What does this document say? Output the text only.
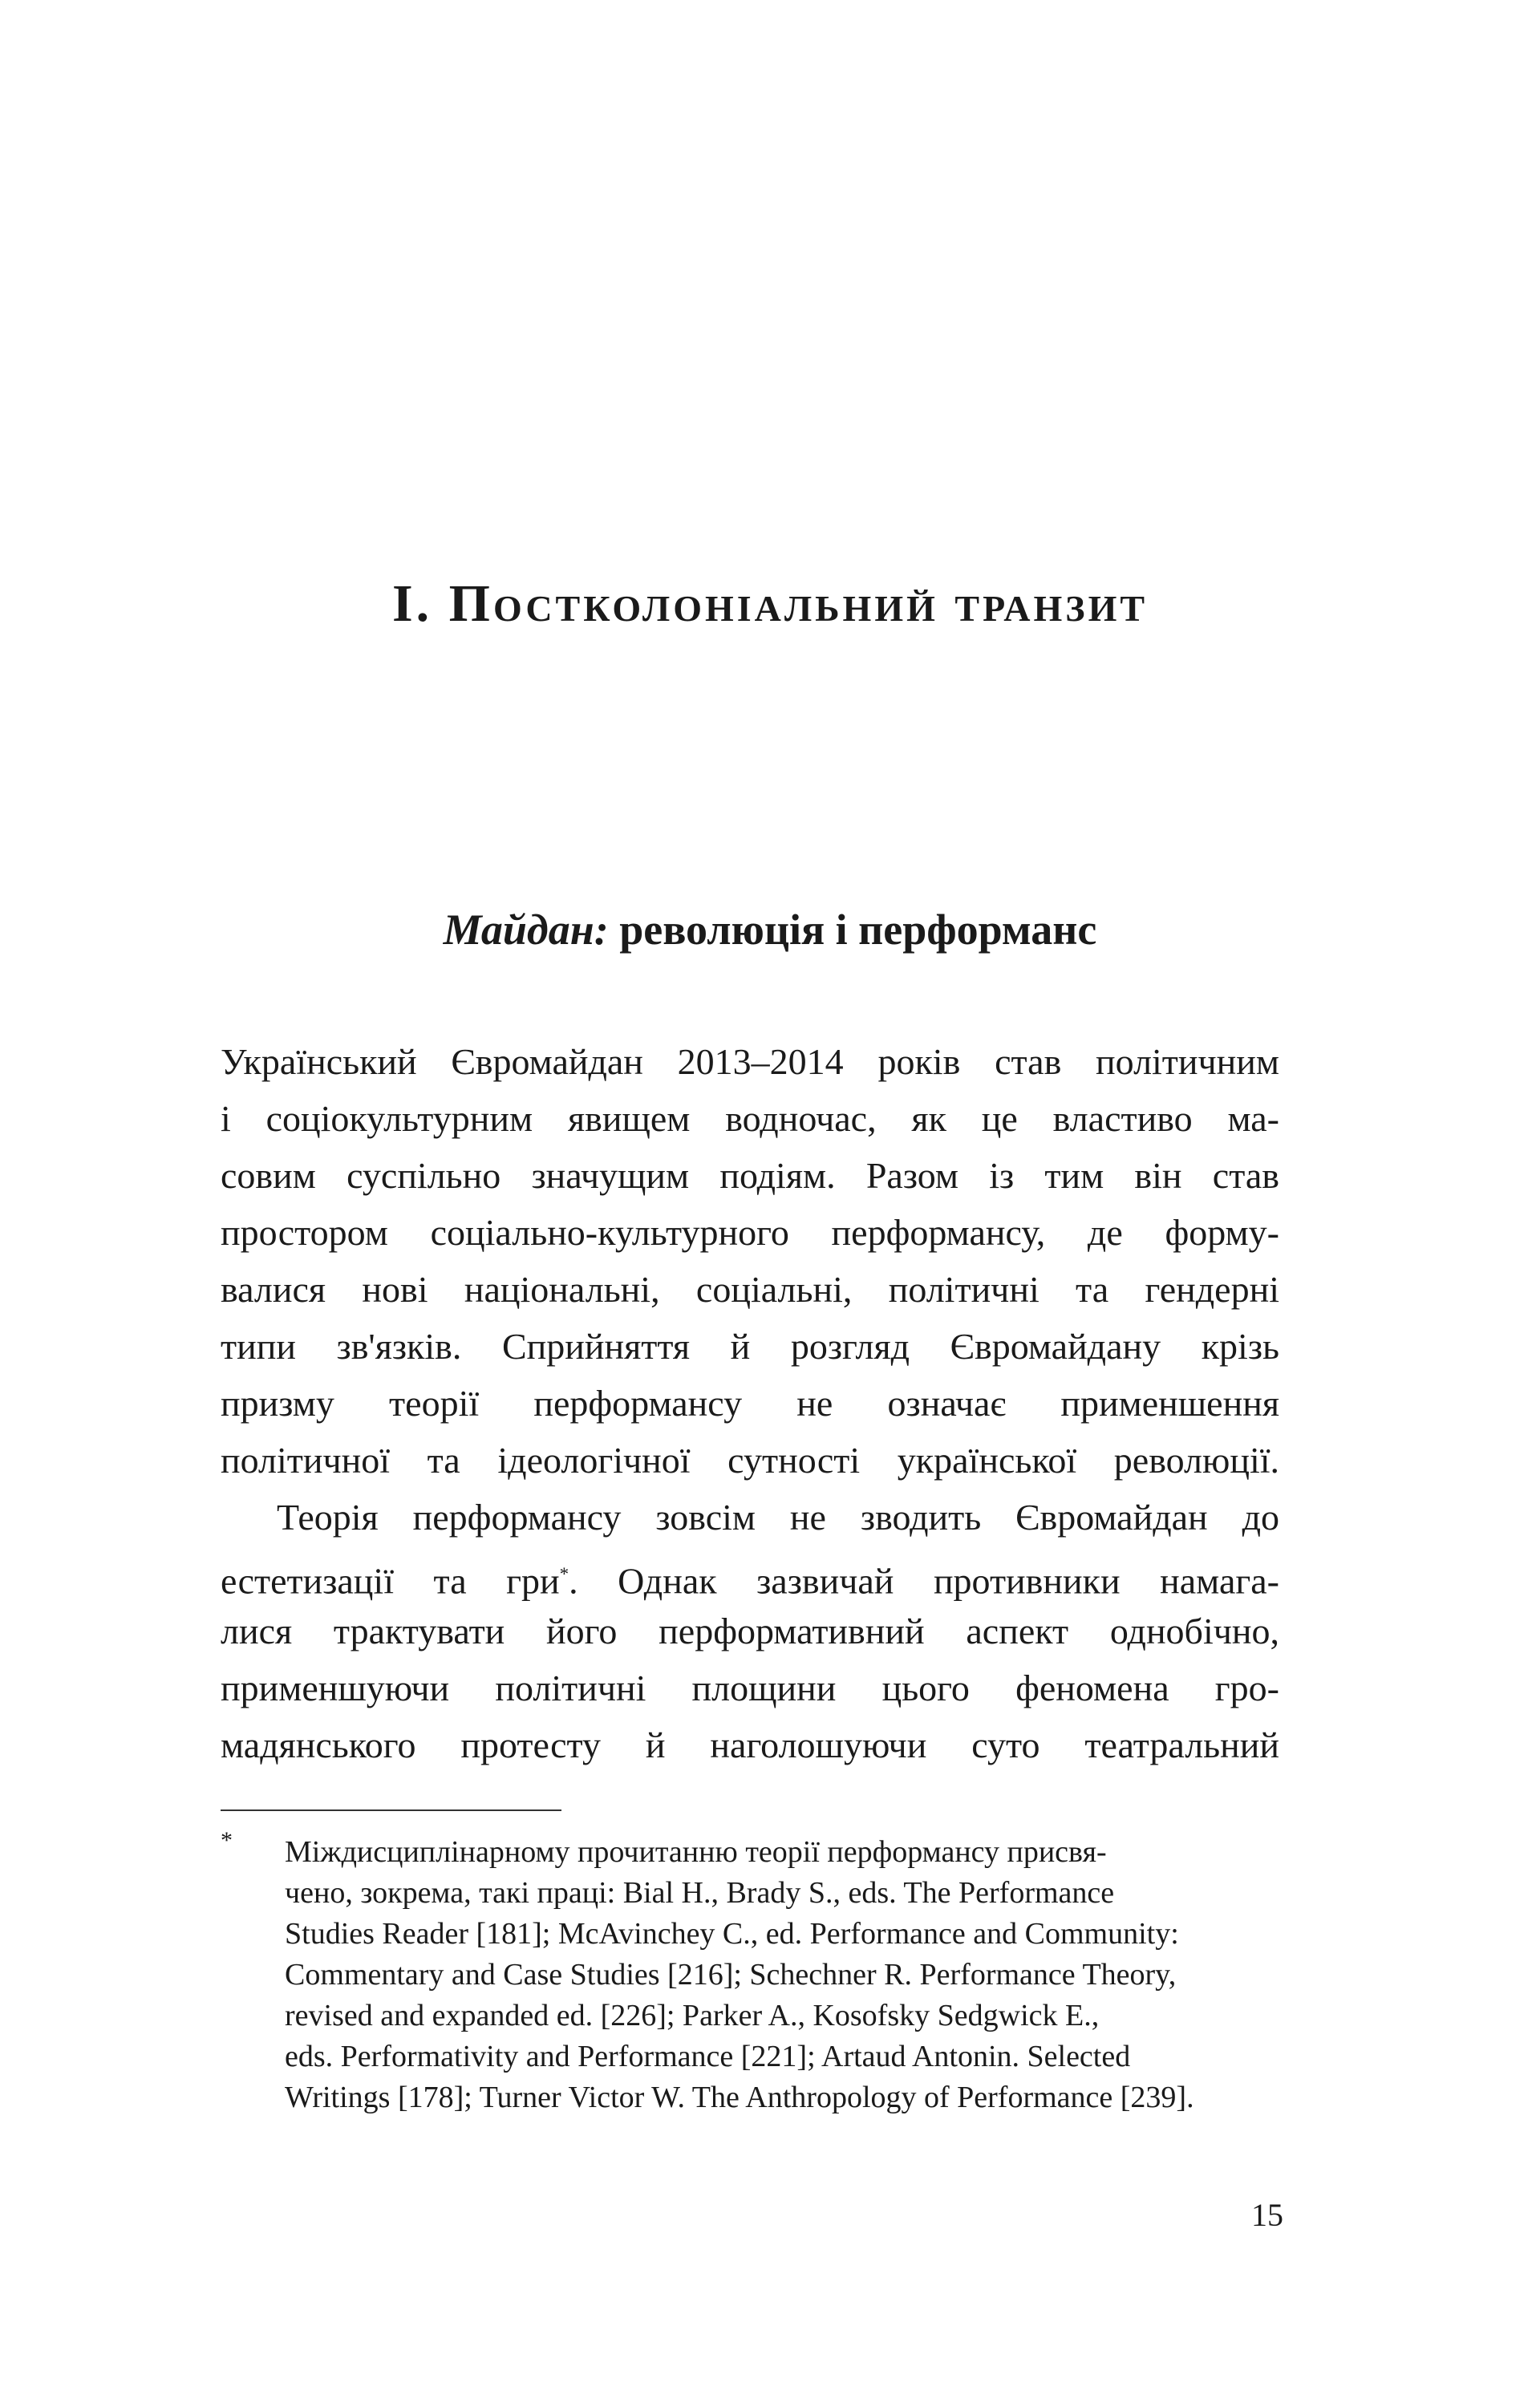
І. Постколоніальний транзит
Майдан: революція і перформанс
Український Євромайдан 2013–2014 років став політичним
і соціокультурним явищем водночас, як це властиво ма-
совим суспільно значущим подіям. Разом із тим він став
простором соціально-культурного перформансу, де форму-
валися нові національні, соціальні, політичні та гендерні
типи зв'язків. Сприйняття й розгляд Євромайдану крізь
призму теорії перформансу не означає применшення
політичної та ідеологічної сутності української революції.
Теорія перформансу зовсім не зводить Євромайдан до
естетизації та гри*. Однак зазвичай противники намага-
лися трактувати його перформативний аспект однобічно,
применшуючи політичні площини цього феномена гро-
мадянського протесту й наголошуючи суто театральний
* Міждисциплінарному прочитанню теорії перформансу присвя-
чено, зокрема, такі праці: Bial H., Brady S., eds. The Performance
Studies Reader [181]; McAvinchey C., ed. Performance and Community:
Commentary and Case Studies [216]; Schechner R. Performance Theory,
revised and expanded ed. [226]; Parker A., Kosofsky Sedgwick E.,
eds. Performativity and Performance [221]; Artaud Antonin. Selected
Writings [178]; Turner Victor W. The Anthropology of Performance [239].
15
